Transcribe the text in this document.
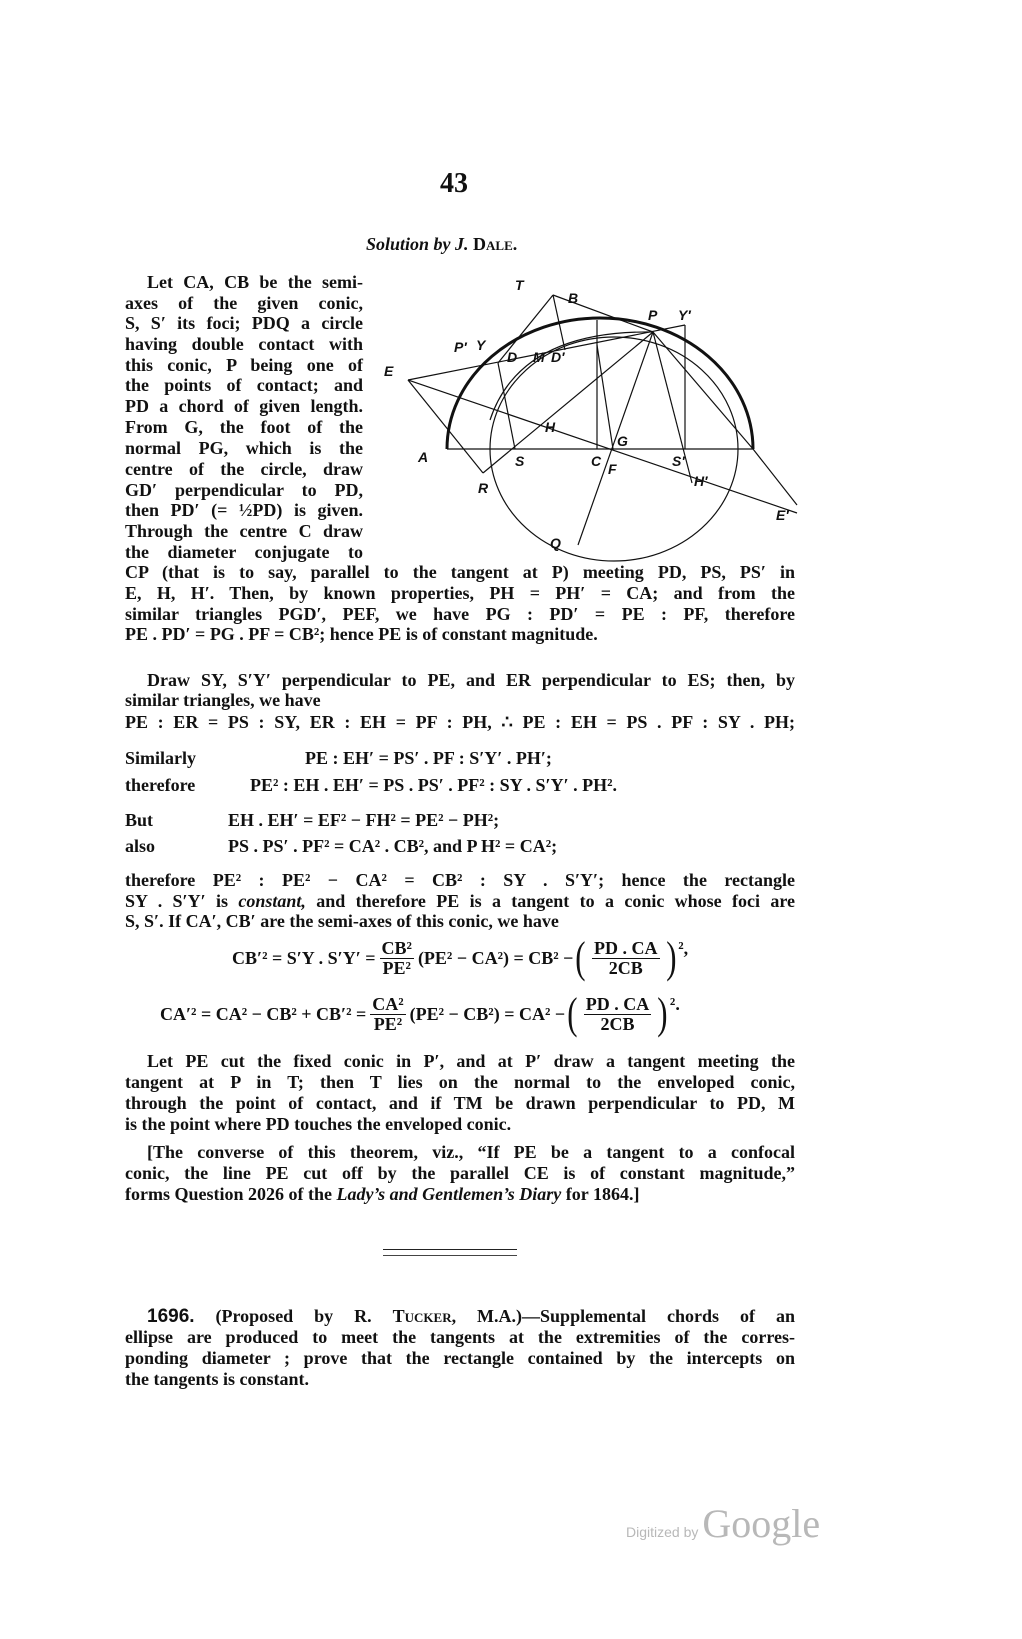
43
Solution by J. Dale.
T
B
P Y′
P′ Y
D M D′
E
H
A	S	C
G
F	S′
H′
R
Q
E′
Let CA, CB be the semi-
axes of the given conic,
S, S′ its foci; PDQ a circle
having double contact with
this conic, P being one of
the points of contact; and
PD a chord of given length.
From G, the foot of the
normal PG, which is the
centre of the circle, draw
GD′ perpendicular to PD,
then PD′ (= ½PD) is given.
Through the centre C draw
the diameter conjugate to
CP (that is to say, parallel to the tangent at P) meeting PD, PS, PS′ in
E, H, H′. Then, by known properties, PH = PH′ = CA; and from the
similar triangles PGD′, PEF, we have PG : PD′ = PE : PF, therefore
PE . PD′ = PG . PF = CB²; hence PE is of constant magnitude.
Draw SY, S′Y′ perpendicular to PE, and ER perpendicular to ES; then, by
similar triangles, we have
PE : ER = PS : SY, ER : EH = PF : PH, ∴ PE : EH = PS . PF : SY . PH;
Similarly	PE : EH′ = PS′ . PF : S′Y′ . PH′;
therefore	PE² : EH . EH′ = PS . PS′ . PF² : SY . S′Y′ . PH².
But	EH . EH′ = EF² − FH² = PE² − PH²;
also	PS . PS′ . PF² = CA² . CB², and P H² = CA²;
therefore PE² : PE² − CA² = CB² : SY . S′Y′; hence the rectangle
SY . S′Y′ is constant, and therefore PE is a tangent to a conic whose foci are
S, S′. If CA′, CB′ are the semi-axes of this conic, we have
CB′² = S′Y . $S'Y' = \frac{\text{CB²}}{\text{PE²}} (PE^2 - CA^2) = CB^2$ − ( $\frac{PD . CA}{2CB}$ ) ²,
$CA'^2 = CA^2 - CB^2 + CB'^2 = \frac{\text{CA²}}{\text{PE²}} (PE^2 - CB^2) = CA^2$ − ( $\frac{PD . CA}{2CB}$ ) ².
Let PE cut the fixed conic in P′, and at P′ draw a tangent meeting the
tangent at P in T; then T lies on the normal to the enveloped conic,
through the point of contact, and if TM be drawn perpendicular to PD, M
is the point where PD touches the enveloped conic.
[The converse of this theorem, viz., “If PE be a tangent to a confocal
conic, the line PE cut off by the parallel CE is of constant magnitude,”
forms Question 2026 of the Lady’s and Gentlemen’s Diary for 1864.]
1696. (Proposed by R. Tucker, M.A.)—Supplemental chords of an
ellipse are produced to meet the tangents at the extremities of the corres-
ponding diameter ; prove that the rectangle contained by the intercepts on
the tangents is constant.
Digitized by Google
